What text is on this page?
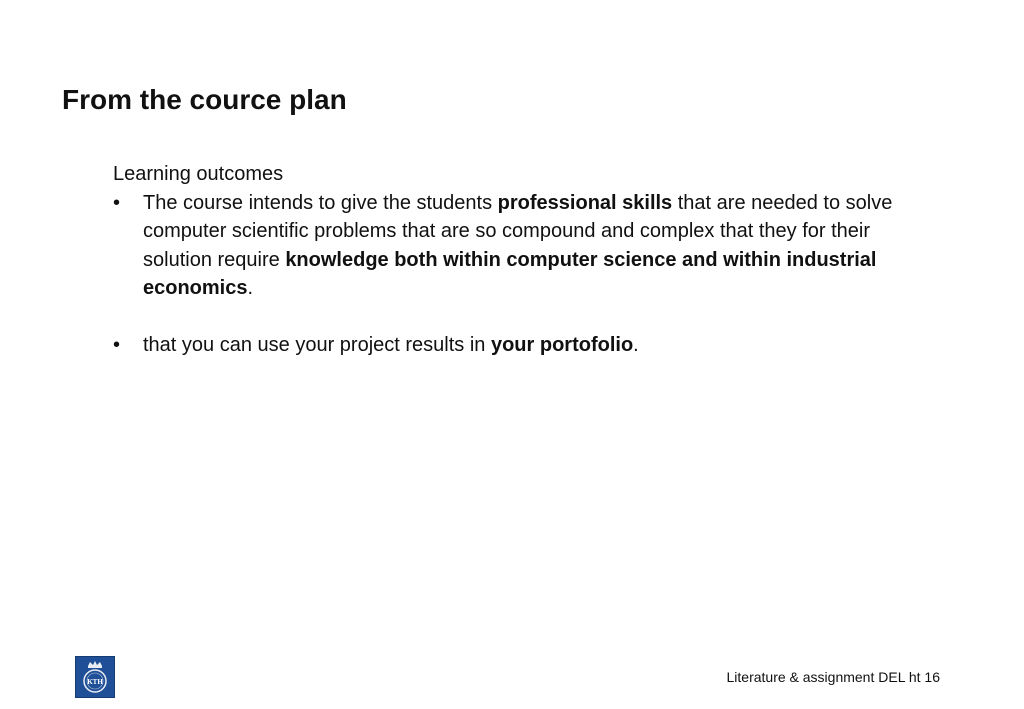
From the cource plan

Learning outcomes

• The course intends to give the students professional skills that are needed to solve computer scientific problems that are so compound and complex that they for their solution require knowledge both within computer science and within industrial economics.
• that you can use your project results in your portofolio.
KTH	Literature & assignment DEL ht 16
